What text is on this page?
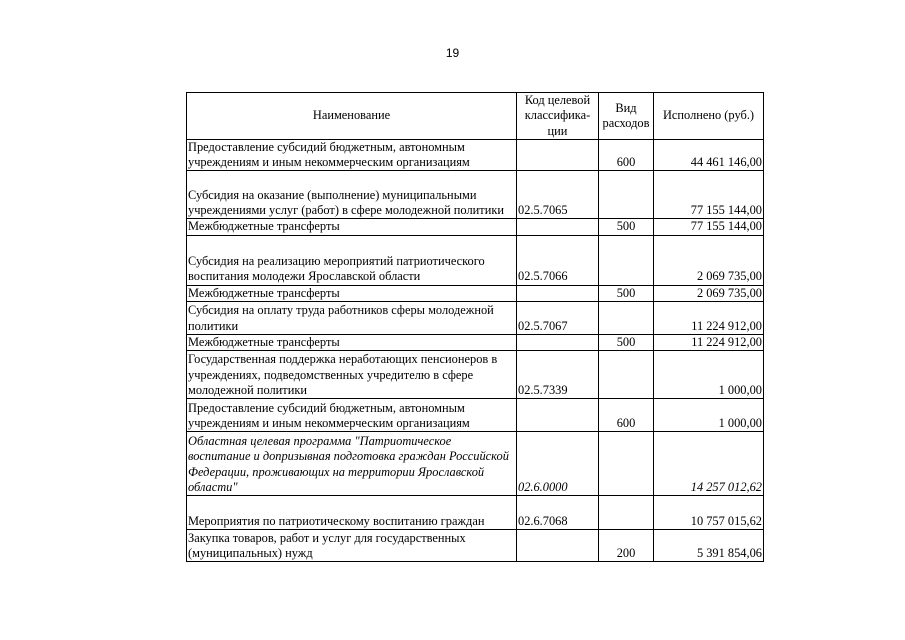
19
Наименование	Код целевой классифика-ции	Вид расходов	Исполнено (руб.)
Предоставление субсидий бюджетным, автономным учреждениям и иным некоммерческим организациям		600	44 461 146,00
Субсидия на оказание (выполнение) муниципальными учреждениями услуг (работ) в сфере молодежной политики	02.5.7065		77 155 144,00
Межбюджетные трансферты		500	77 155 144,00
Субсидия на реализацию мероприятий патриотического воспитания молодежи Ярославской области	02.5.7066		2 069 735,00
Межбюджетные трансферты		500	2 069 735,00
Субсидия на оплату труда работников сферы молодежной политики	02.5.7067		11 224 912,00
Межбюджетные трансферты		500	11 224 912,00
Государственная поддержка неработающих пенсионеров в учреждениях, подведомственных учредителю в сфере молодежной политики	02.5.7339		1 000,00
Предоставление субсидий бюджетным, автономным учреждениям и иным некоммерческим организациям		600	1 000,00
Областная целевая программа "Патриотическое воспитание и допризывная подготовка граждан Российской Федерации, проживающих на территории Ярославской области"	02.6.0000		14 257 012,62
Мероприятия по патриотическому воспитанию граждан	02.6.7068		10 757 015,62
Закупка товаров, работ и услуг для государственных (муниципальных) нужд		200	5 391 854,06
